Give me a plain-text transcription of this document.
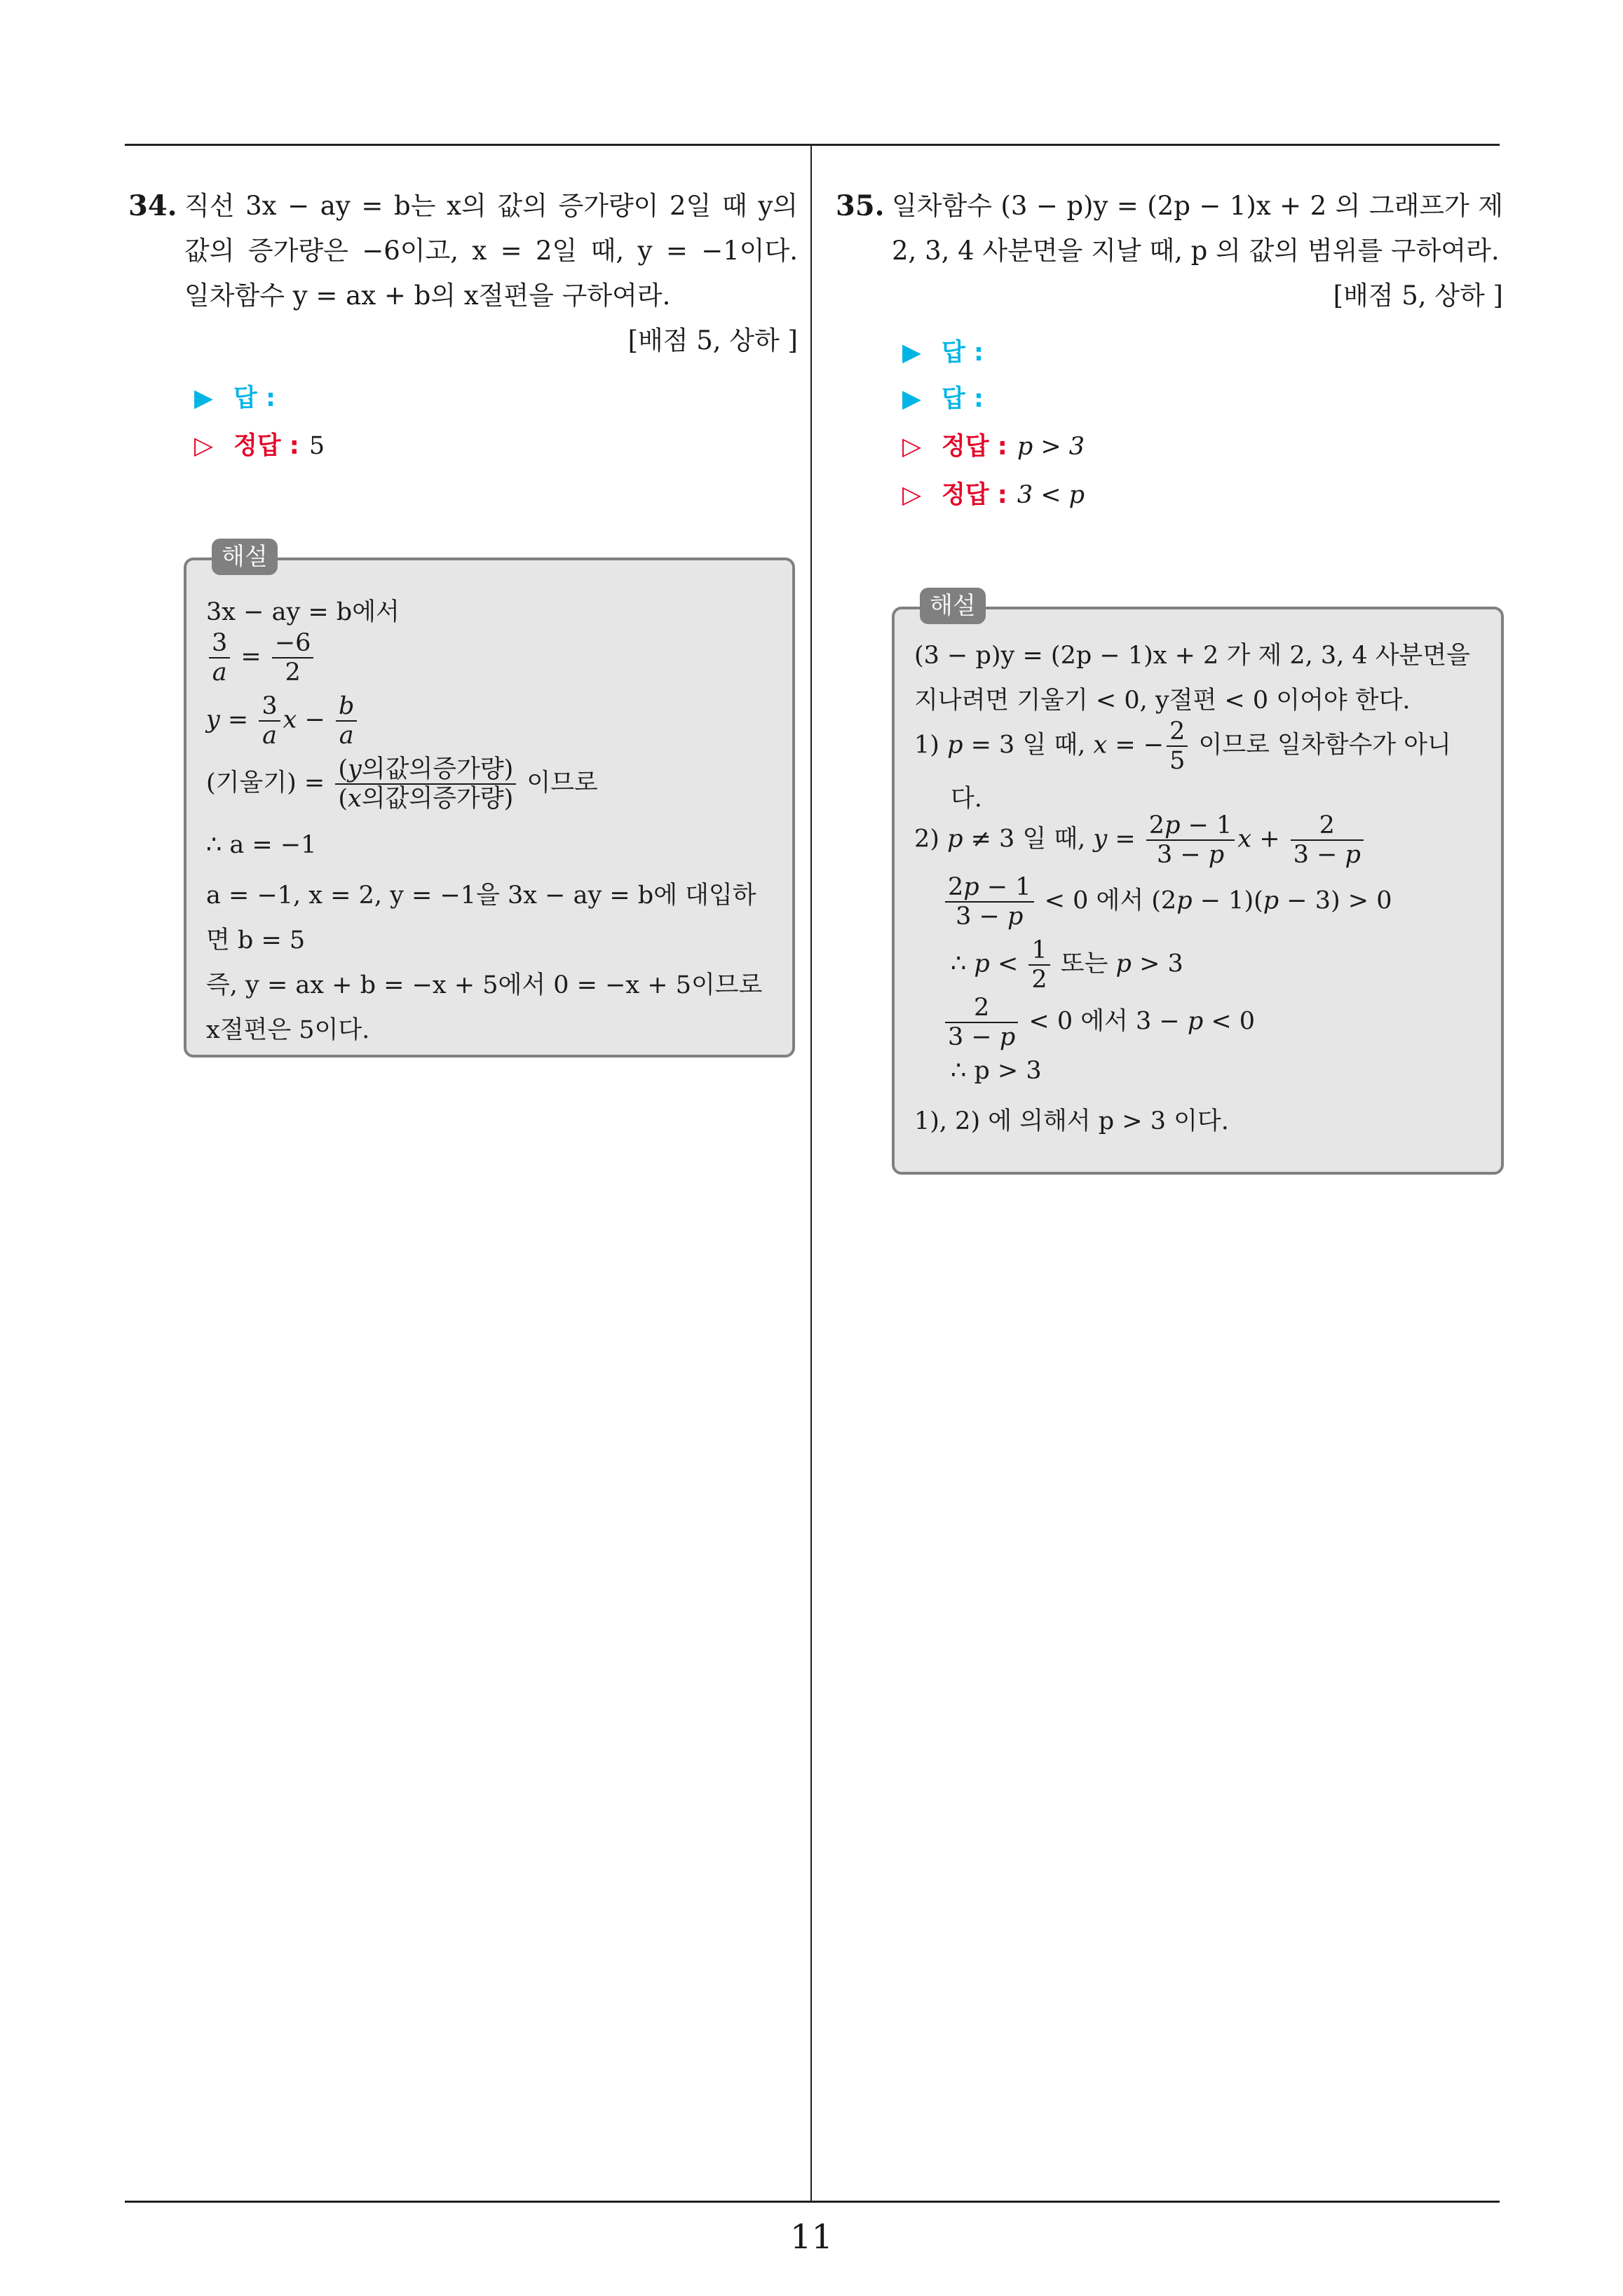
34. 직선 3x − ay = b는 x의 값의 증가량이 2일 때 y의
값의 증가량은 −6이고, x = 2일 때, y = −1이다.
일차함수 y = ax + b의 x절편을 구하여라.
[배점 5, 상하 ]
▶ 답 :
▷ 정답 : 5
3x − ay = b에서
$\frac{3}{a} = \frac{-6}{2}$
$y = \frac{3}{a}$ $x - \frac{b}{a}$
(기울기) = $\frac{\text{(y의값의증가량)}}{\text{(x의값의증가량)}}$ 이므로
∴ a = −1
a = −1, x = 2, y = −1을 3x − ay = b에 대입하
면 b = 5
즉, y = ax + b = −x + 5에서 0 = −x + 5이므로
x절편은 5이다.
해설
35. 일차함수 (3 − p)y = (2p − 1)x + 2 의 그래프가 제
2, 3, 4 사분면을 지날 때, p 의 값의 범위를 구하여라.
[배점 5, 상하 ]
▶ 답 :
▶ 답 :
▷ 정답 : p > 3
▷ 정답 : 3 < p
(3 − p)y = (2p − 1)x + 2 가 제 2, 3, 4 사분면을
지나려면 기울기 < 0, y절편 < 0 이어야 한다.
1) p = 3 일 때, x = − $\frac{2}{5}$ 이므로 일차함수가 아니
다.
2) p ≠ 3 일 때, $y = \frac{2p - 1}{3 - p}$ $x + \frac{2}{3 - p}$
$\frac{2p - 1}{3 - p} < 0$ 에서 (2p − 1)(p − 3) > 0
∴ $p < \frac{1}{2}$ 또는 p > 3
$\frac{2}{3 - p} < 0$ 에서 3 − p < 0
∴ p > 3
1), 2) 에 의해서 p > 3 이다.
해설
11
